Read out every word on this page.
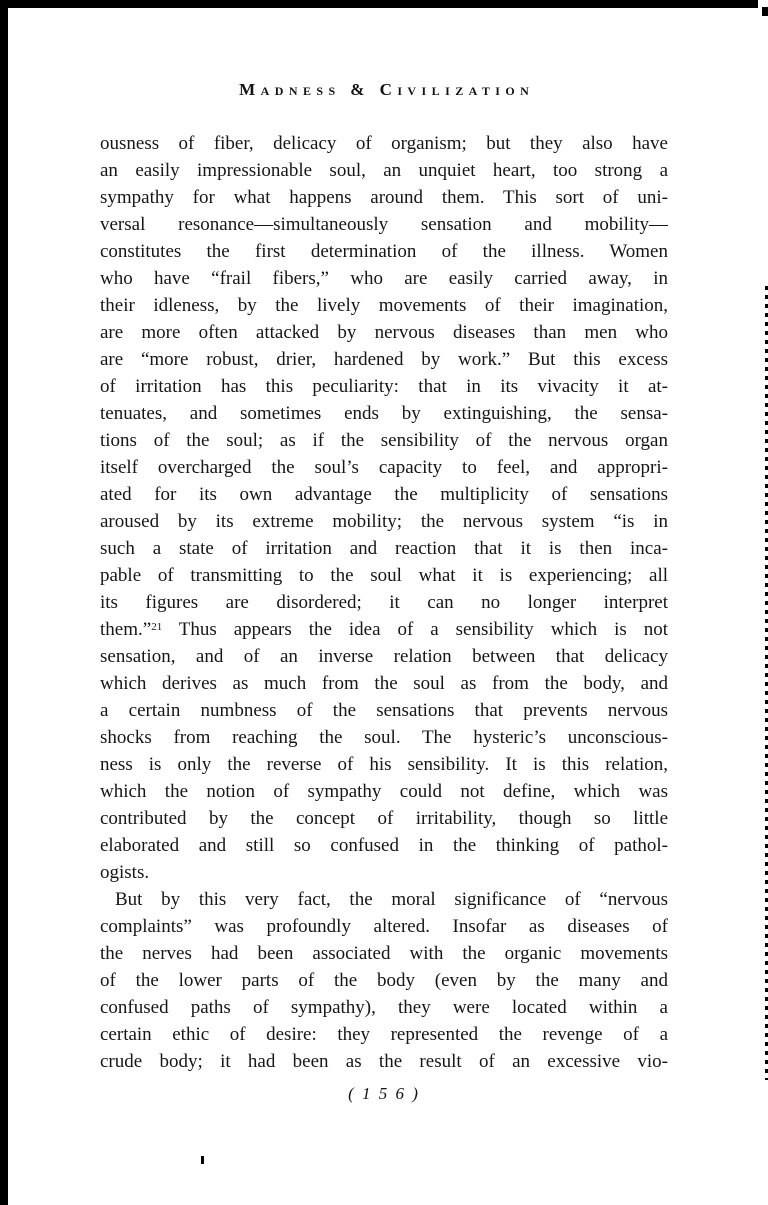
Madness & Civilization
ousness of fiber, delicacy of organism; but they also have
an easily impressionable soul, an unquiet heart, too strong a
sympathy for what happens around them. This sort of uni-
versal resonance—simultaneously sensation and mobility—
constitutes the first determination of the illness. Women
who have “frail fibers,” who are easily carried away, in
their idleness, by the lively movements of their imagination,
are more often attacked by nervous diseases than men who
are “more robust, drier, hardened by work.” But this excess
of irritation has this peculiarity: that in its vivacity it at-
tenuates, and sometimes ends by extinguishing, the sensa-
tions of the soul; as if the sensibility of the nervous organ
itself overcharged the soul’s capacity to feel, and appropri-
ated for its own advantage the multiplicity of sensations
aroused by its extreme mobility; the nervous system “is in
such a state of irritation and reaction that it is then inca-
pable of transmitting to the soul what it is experiencing; all
its figures are disordered; it can no longer interpret
them.”$^{21}$ Thus appears the idea of a sensibility which is not
sensation, and of an inverse relation between that delicacy
which derives as much from the soul as from the body, and
a certain numbness of the sensations that prevents nervous
shocks from reaching the soul. The hysteric’s unconscious-
ness is only the reverse of his sensibility. It is this relation,
which the notion of sympathy could not define, which was
contributed by the concept of irritability, though so little
elaborated and still so confused in the thinking of pathol-
ogists.
But by this very fact, the moral significance of “nervous
complaints” was profoundly altered. Insofar as diseases of
the nerves had been associated with the organic movements
of the lower parts of the body (even by the many and
confused paths of sympathy), they were located within a
certain ethic of desire: they represented the revenge of a
crude body; it had been as the result of an excessive vio-
( 1 5 6 )
